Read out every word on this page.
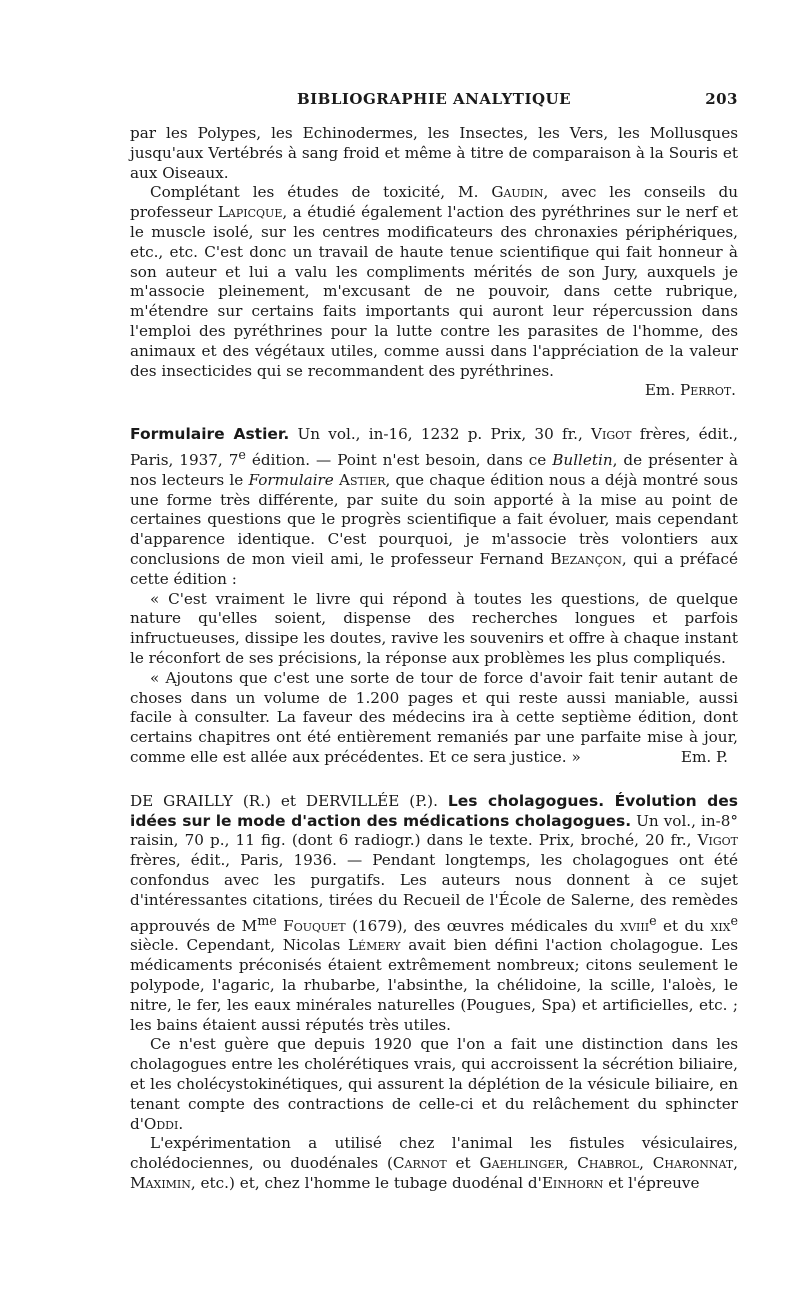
BIBLIOGRAPHIE ANALYTIQUE	203

par les Polypes, les Echinodermes, les Insectes, les Vers, les Mollusques jusqu'aux Vertébrés à sang froid et même à titre de comparaison à la Souris et aux Oiseaux.

Complétant les études de toxicité, M. Gaudin, avec les conseils du professeur Lapicque, a étudié également l'action des pyréthrines sur le nerf et le muscle isolé, sur les centres modificateurs des chronaxies périphériques, etc., etc. C'est donc un travail de haute tenue scientifique qui fait honneur à son auteur et lui a valu les compliments mérités de son Jury, auxquels je m'associe pleinement, m'excusant de ne pouvoir, dans cette rubrique, m'étendre sur certains faits importants qui auront leur répercussion dans l'emploi des pyréthrines pour la lutte contre les parasites de l'homme, des animaux et des végétaux utiles, comme aussi dans l'appréciation de la valeur des insecticides qui se recommandent des pyréthrines.

Em. Perrot.

Formulaire Astier. Un vol., in-16, 1232 p. Prix, 30 fr., Vigot frères, édit., Paris, 1937, 7e édition. — Point n'est besoin, dans ce Bulletin, de présenter à nos lecteurs le Formulaire Astier, que chaque édition nous a déjà montré sous une forme très différente, par suite du soin apporté à la mise au point de certaines questions que le progrès scientifique a fait évoluer, mais cependant d'apparence identique. C'est pourquoi, je m'associe très volontiers aux conclusions de mon vieil ami, le professeur Fernand Bezançon, qui a préfacé cette édition :

« C'est vraiment le livre qui répond à toutes les questions, de quelque nature qu'elles soient, dispense des recherches longues et parfois infructueuses, dissipe les doutes, ravive les souvenirs et offre à chaque instant le réconfort de ses précisions, la réponse aux problèmes les plus compliqués.

« Ajoutons que c'est une sorte de tour de force d'avoir fait tenir autant de choses dans un volume de 1.200 pages et qui reste aussi maniable, aussi facile à consulter. La faveur des médecins ira à cette septième édition, dont certains chapitres ont été entièrement remaniés par une parfaite mise à jour, comme elle est allée aux précédentes. Et ce sera justice. »	Em. P.

DE GRAILLY (R.) et DERVILLÉE (P.). Les cholagogues. Évolution des idées sur le mode d'action des médications cholagogues. Un vol., in-8° raisin, 70 p., 11 fig. (dont 6 radiogr.) dans le texte. Prix, broché, 20 fr., Vigot frères, édit., Paris, 1936. — Pendant longtemps, les cholagogues ont été confondus avec les purgatifs. Les auteurs nous donnent à ce sujet d'intéressantes citations, tirées du Recueil de l'École de Salerne, des remèdes approuvés de $M^{me}$ Fouquet (1679), des œuvres médicales du xviii$^e$ et du xix$^e$ siècle. Cependant, Nicolas Lémery avait bien défini l'action cholagogue. Les médicaments préconisés étaient extrêmement nombreux; citons seulement le polypode, l'agaric, la rhubarbe, l'absinthe, la chélidoine, la scille, l'aloès, le nitre, le fer, les eaux minérales naturelles (Pougues, Spa) et artificielles, etc. ; les bains étaient aussi réputés très utiles.

Ce n'est guère que depuis 1920 que l'on a fait une distinction dans les cholagogues entre les cholérétiques vrais, qui accroissent la sécrétion biliaire, et les cholécystokinétiques, qui assurent la déplétion de la vésicule biliaire, en tenant compte des contractions de celle-ci et du relâchement du sphincter d'Oddi.

L'expérimentation a utilisé chez l'animal les fistules vésiculaires, cholédociennes, ou duodénales (Carnot et Gaehlinger, Chabrol, Charonnat, Maximin, etc.) et, chez l'homme le tubage duodénal d'Einhorn et l'épreuve
